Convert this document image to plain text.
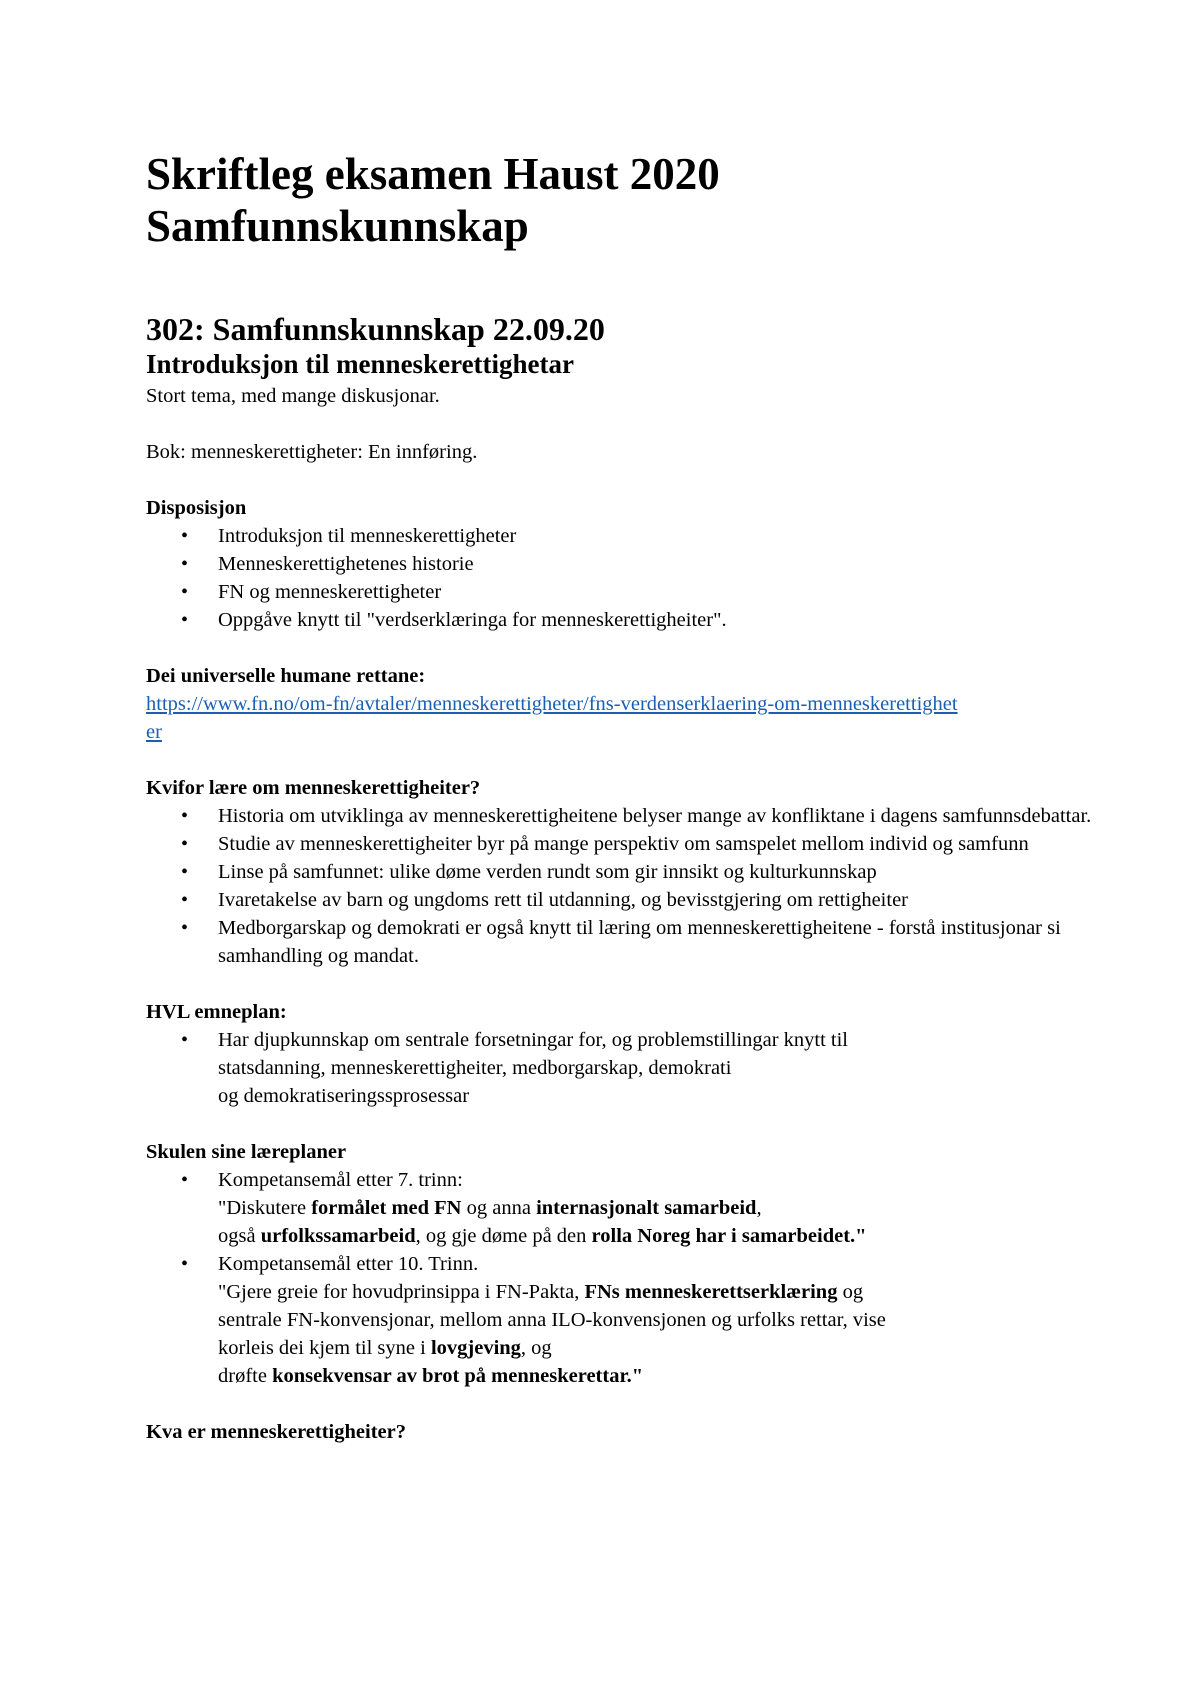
Skriftleg eksamen Haust 2020
Samfunnskunnskap
302: Samfunnskunnskap 22.09.20
Introduksjon til menneskerettighetar

Stort tema, med mange diskusjonar.

Bok: menneskerettigheter: En innføring.

Disposisjon

• Introduksjon til menneskerettigheter
• Menneskerettighetenes historie
• FN og menneskerettigheter
• Oppgåve knytt til "verdserklæringa for menneskerettigheiter".

Dei universelle humane rettane:

https://www.fn.no/om-fn/avtaler/menneskerettigheter/fns-verdenserklaering-om-menneskerettigheter

Kvifor lære om menneskerettigheiter?

• Historia om utviklinga av menneskerettigheitene belyser mange av konfliktane i dagens samfunnsdebattar.
• Studie av menneskerettigheiter byr på mange perspektiv om samspelet mellom individ og samfunn
• Linse på samfunnet: ulike døme verden rundt som gir innsikt og kulturkunnskap
• Ivaretakelse av barn og ungdoms rett til utdanning, og bevisstgjering om rettigheiter
• Medborgarskap og demokrati er også knytt til læring om menneskerettigheitene - forstå institusjonar si samhandling og mandat.

HVL emneplan:

• Har djupkunnskap om sentrale forsetningar for, og problemstillingar knytt til
statsdanning, menneskerettigheiter, medborgarskap, demokrati
og demokratiseringssprosessar

Skulen sine læreplaner

• Kompetansemål etter 7. trinn:
"Diskutere formålet med FN og anna internasjonalt samarbeid,
også urfolkssamarbeid, og gje døme på den rolla Noreg har i samarbeidet."
• Kompetansemål etter 10. Trinn.
"Gjere greie for hovudprinsippa i FN-Pakta, FNs menneskerettserklæring og
sentrale FN-konvensjonar, mellom anna ILO-konvensjonen og urfolks rettar, vise
korleis dei kjem til syne i lovgjeving, og
drøfte konsekvensar av brot på menneskerettar."

Kva er menneskerettigheiter?
